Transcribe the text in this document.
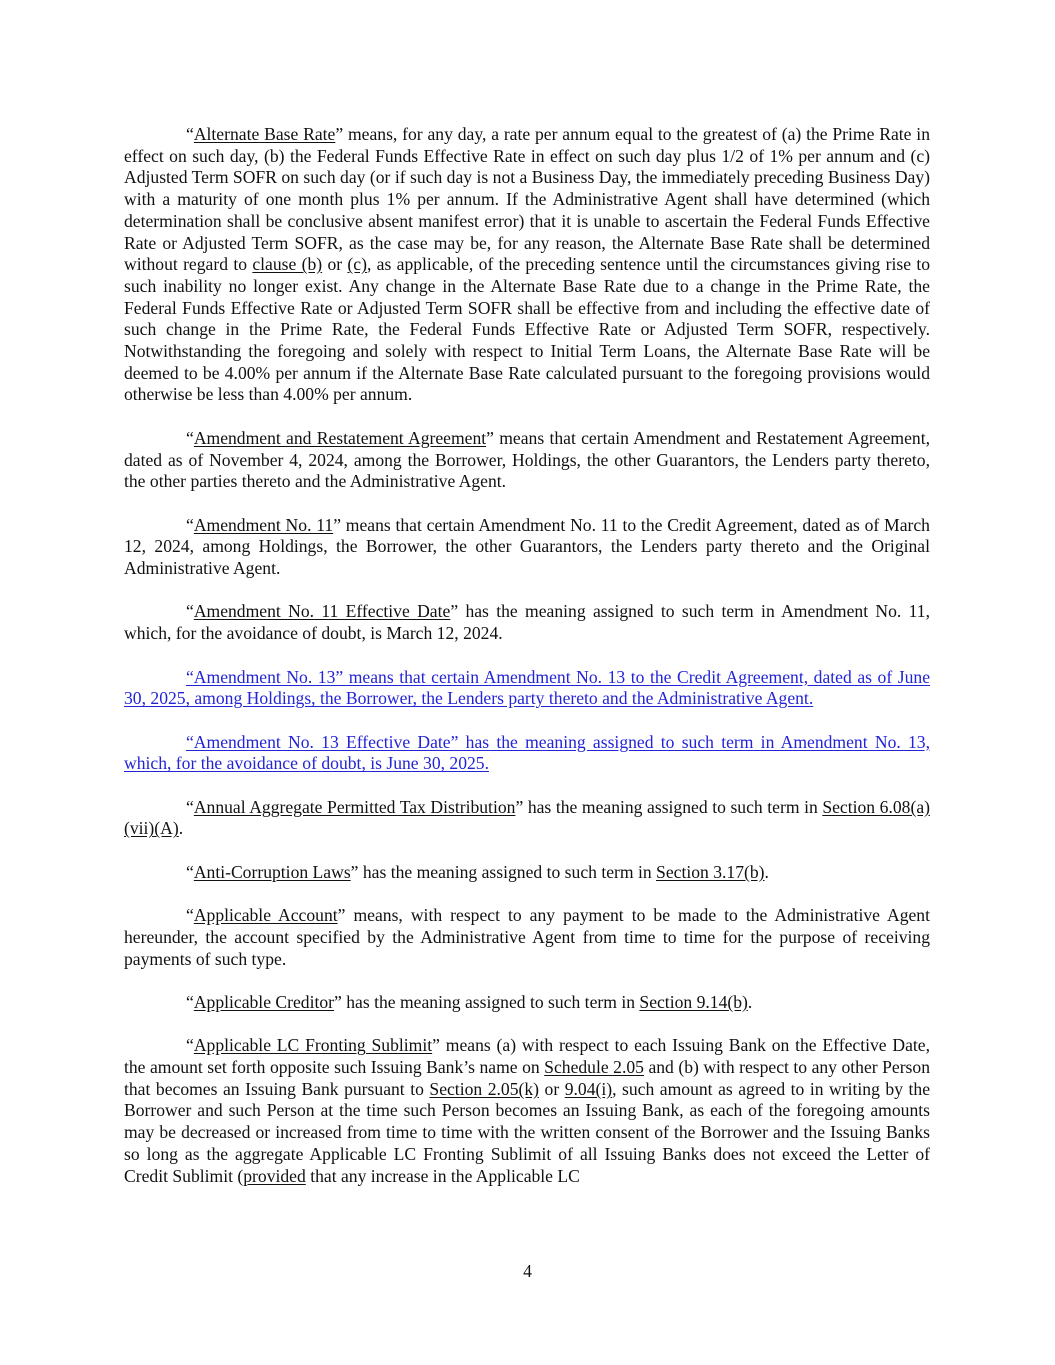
“Alternate Base Rate” means, for any day, a rate per annum equal to the greatest of (a) the Prime Rate in effect on such day, (b) the Federal Funds Effective Rate in effect on such day plus 1/2 of 1% per annum and (c) Adjusted Term SOFR on such day (or if such day is not a Business Day, the immediately preceding Business Day) with a maturity of one month plus 1% per annum. If the Administrative Agent shall have determined (which determination shall be conclusive absent manifest error) that it is unable to ascertain the Federal Funds Effective Rate or Adjusted Term SOFR, as the case may be, for any reason, the Alternate Base Rate shall be determined without regard to clause (b) or (c), as applicable, of the preceding sentence until the circumstances giving rise to such inability no longer exist. Any change in the Alternate Base Rate due to a change in the Prime Rate, the Federal Funds Effective Rate or Adjusted Term SOFR shall be effective from and including the effective date of such change in the Prime Rate, the Federal Funds Effective Rate or Adjusted Term SOFR, respectively. Notwithstanding the foregoing and solely with respect to Initial Term Loans, the Alternate Base Rate will be deemed to be 4.00% per annum if the Alternate Base Rate calculated pursuant to the foregoing provisions would otherwise be less than 4.00% per annum.

“Amendment and Restatement Agreement” means that certain Amendment and Restatement Agreement, dated as of November 4, 2024, among the Borrower, Holdings, the other Guarantors, the Lenders party thereto, the other parties thereto and the Administrative Agent.

“Amendment No. 11” means that certain Amendment No. 11 to the Credit Agreement, dated as of March 12, 2024, among Holdings, the Borrower, the other Guarantors, the Lenders party thereto and the Original Administrative Agent.

“Amendment No. 11 Effective Date” has the meaning assigned to such term in Amendment No. 11, which, for the avoidance of doubt, is March 12, 2024.

“Amendment No. 13” means that certain Amendment No. 13 to the Credit Agreement, dated as of June 30, 2025, among Holdings, the Borrower, the Lenders party thereto and the Administrative Agent.

“Amendment No. 13 Effective Date” has the meaning assigned to such term in Amendment No. 13, which, for the avoidance of doubt, is June 30, 2025.

“Annual Aggregate Permitted Tax Distribution” has the meaning assigned to such term in Section 6.08(a)(vii)(A).

“Anti-Corruption Laws” has the meaning assigned to such term in Section 3.17(b).

“Applicable Account” means, with respect to any payment to be made to the Administrative Agent hereunder, the account specified by the Administrative Agent from time to time for the purpose of receiving payments of such type.

“Applicable Creditor” has the meaning assigned to such term in Section 9.14(b).

“Applicable LC Fronting Sublimit” means (a) with respect to each Issuing Bank on the Effective Date, the amount set forth opposite such Issuing Bank’s name on Schedule 2.05 and (b) with respect to any other Person that becomes an Issuing Bank pursuant to Section 2.05(k) or 9.04(i), such amount as agreed to in writing by the Borrower and such Person at the time such Person becomes an Issuing Bank, as each of the foregoing amounts may be decreased or increased from time to time with the written consent of the Borrower and the Issuing Banks so long as the aggregate Applicable LC Fronting Sublimit of all Issuing Banks does not exceed the Letter of Credit Sublimit (provided that any increase in the Applicable LC

4
